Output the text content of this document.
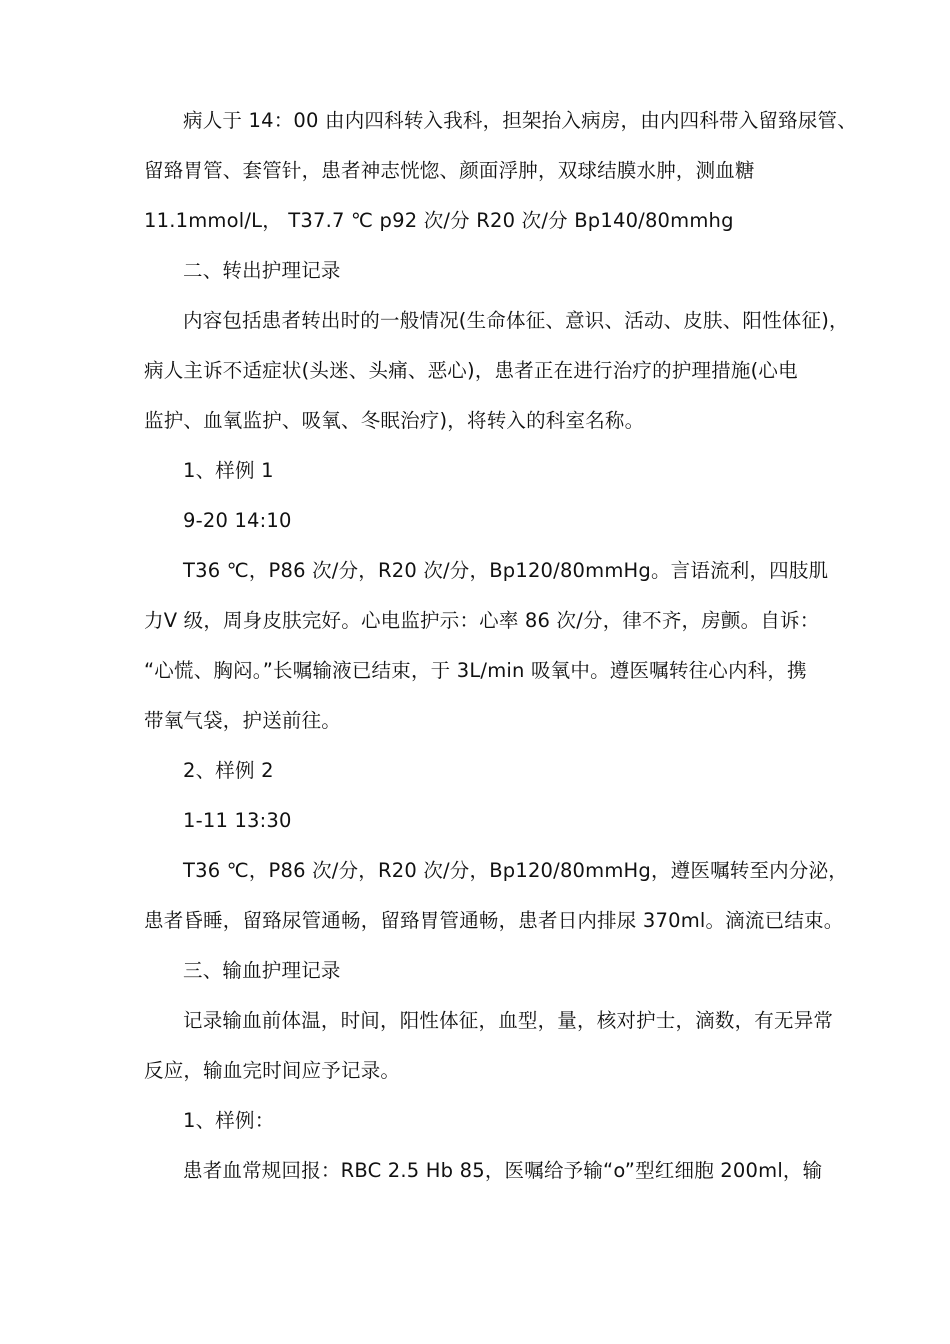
病人于 14：00 由内四科转入我科，担架抬入病房，由内四科带入留臵尿管、
留臵胃管、套管针，患者神志恍惚、颜面浮肿，双球结膜水肿，测血糖
11.1mmol/L， T37.7 ℃ p92 次/分 R20 次/分 Bp140/80mmhg

二、转出护理记录

内容包括患者转出时的一般情况(生命体征、意识、活动、皮肤、阳性体征)，
病人主诉不适症状(头迷、头痛、恶心)，患者正在进行治疗的护理措施(心电
监护、血氧监护、吸氧、冬眠治疗)，将转入的科室名称。

1、样例 1

9-20 14:10

T36 ℃，P86 次/分，R20 次/分，Bp120/80mmHg。言语流利，四肢肌
力Ⅴ 级，周身皮肤完好。心电监护示：心率 86 次/分，律不齐，房颤。自诉：
“心慌、胸闷。”长嘱输液已结束，于 3L/min 吸氧中。遵医嘱转往心内科，携
带氧气袋，护送前往。

2、样例 2

1-11 13:30

T36 ℃，P86 次/分，R20 次/分，Bp120/80mmHg，遵医嘱转至内分泌，
患者昏睡，留臵尿管通畅，留臵胃管通畅，患者日内排尿 370ml。滴流已结束。

三、输血护理记录

记录输血前体温，时间，阳性体征，血型，量，核对护士，滴数，有无异常
反应，输血完时间应予记录。

1、样例：

患者血常规回报：RBC 2.5 Hb 85，医嘱给予输“o”型红细胞 200ml，输
